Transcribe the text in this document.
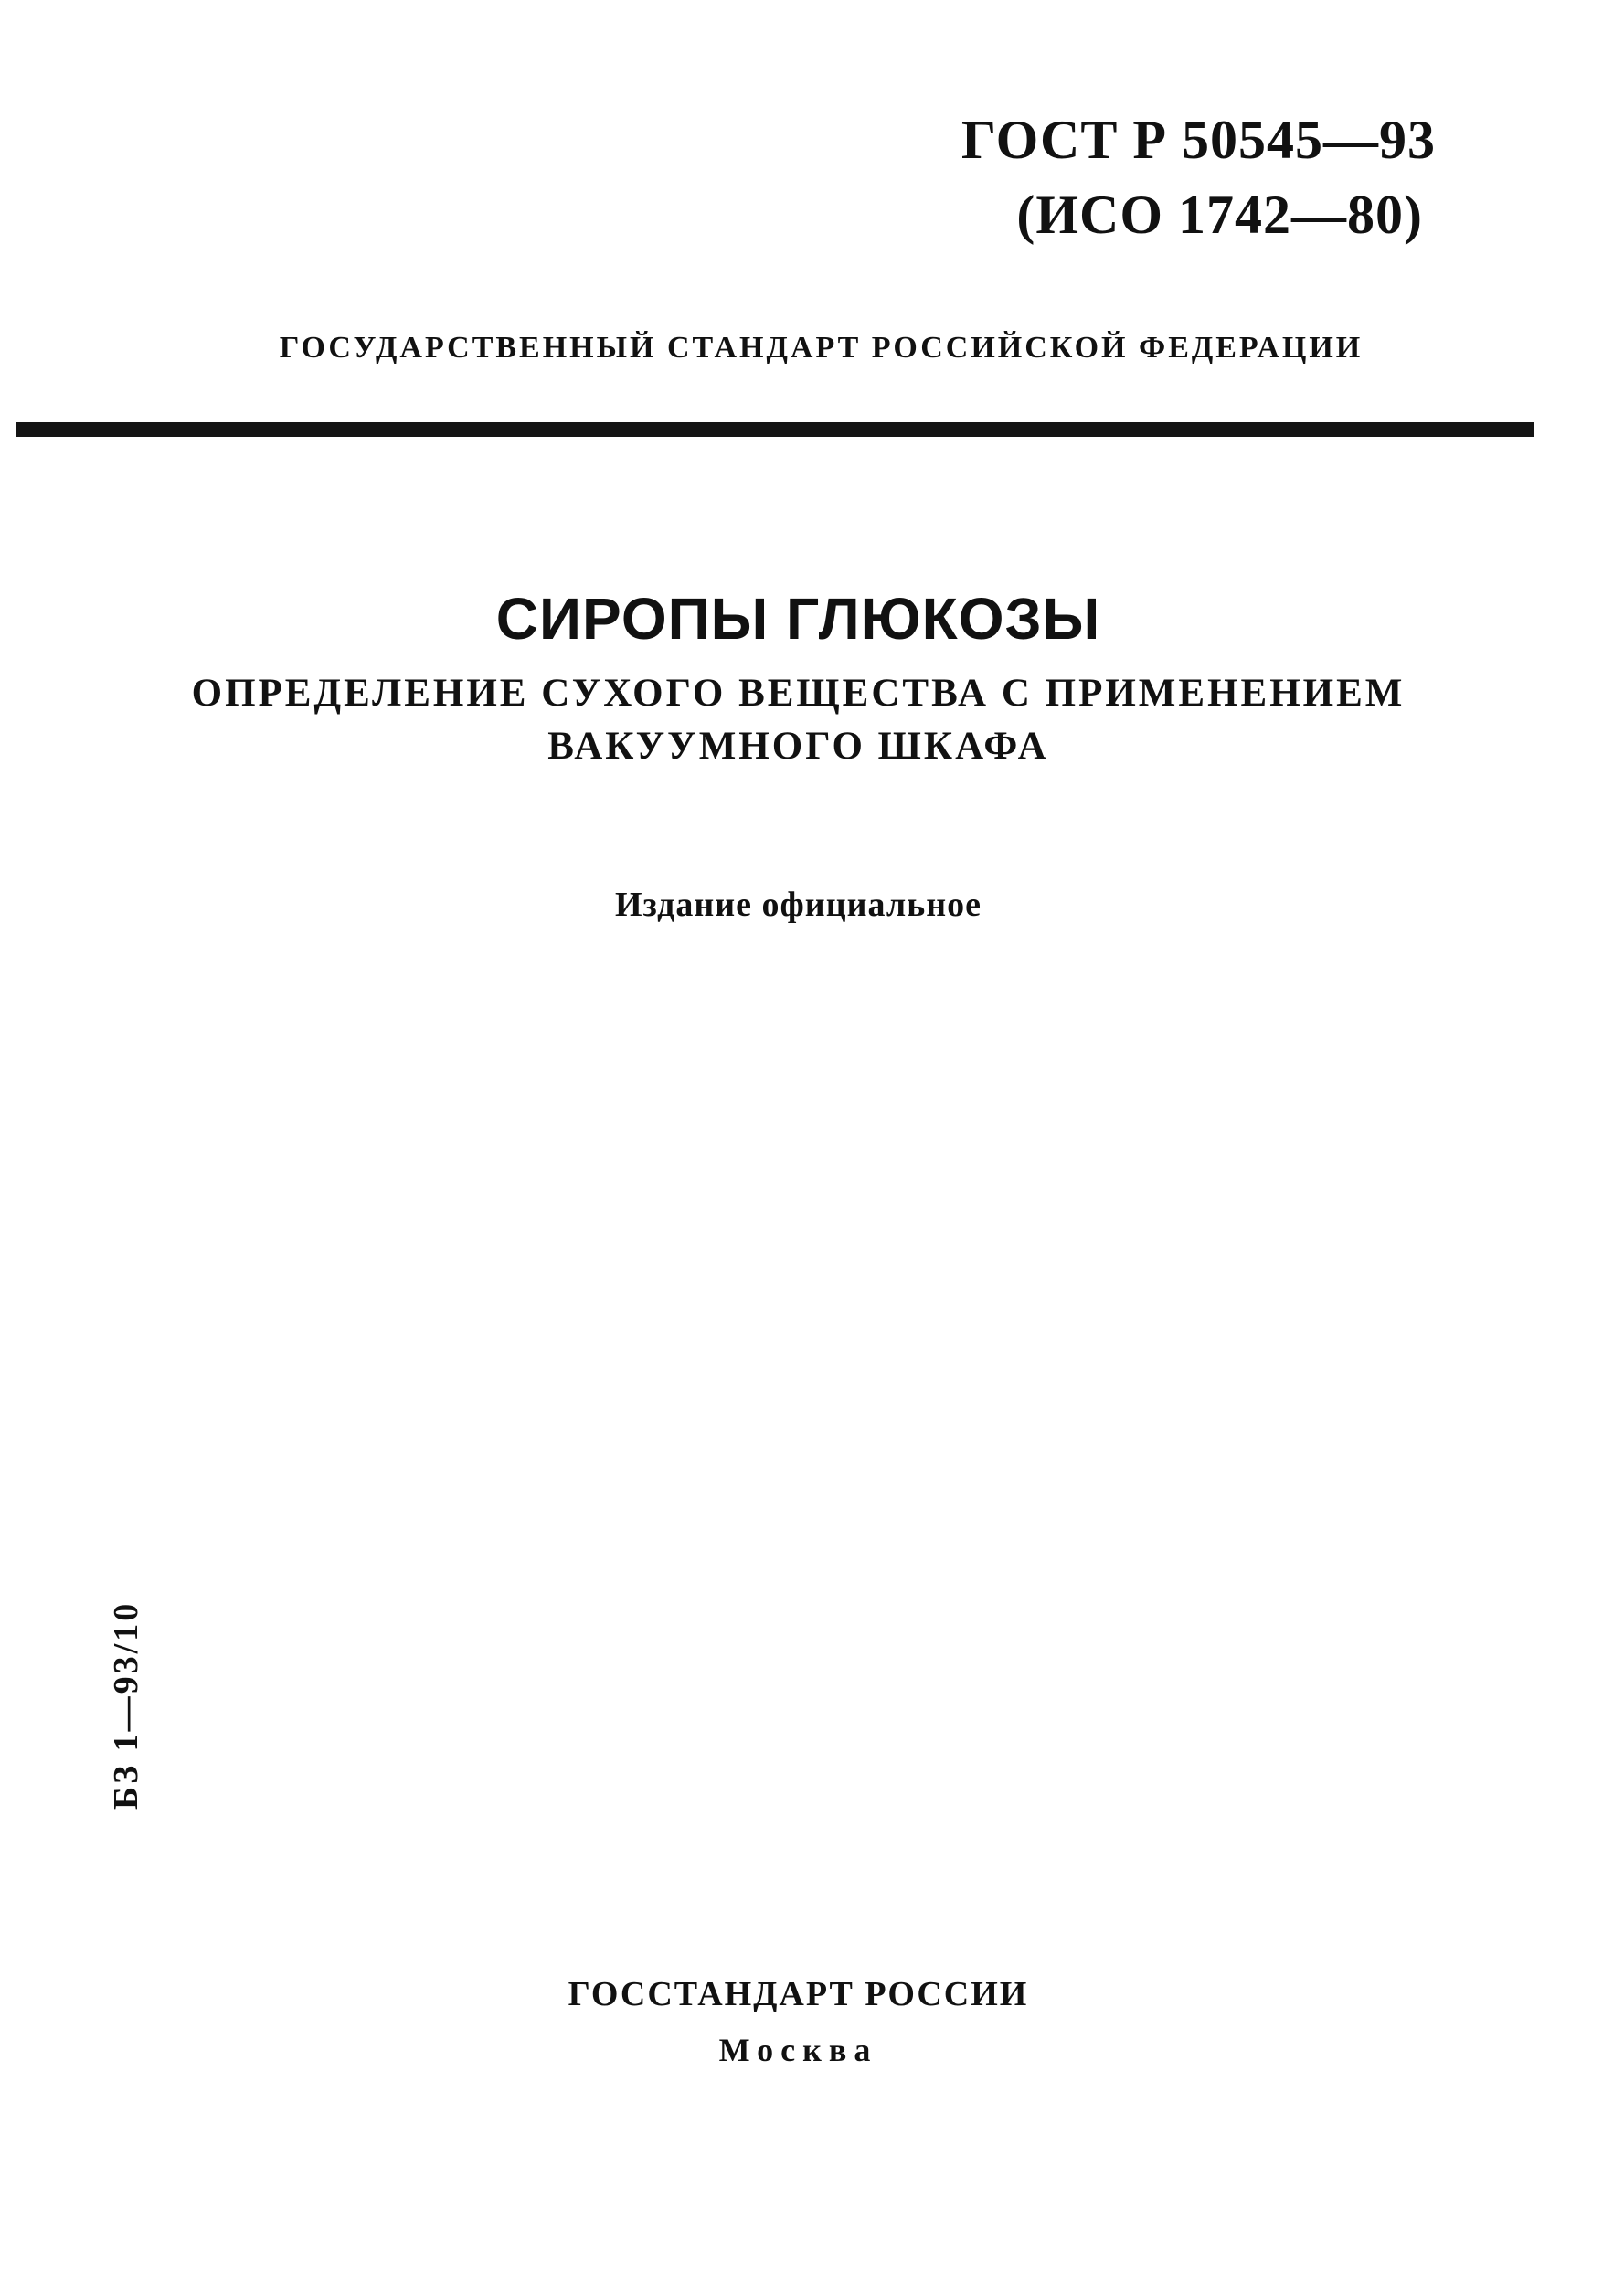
ГОСТ Р 50545—93
(ИСО 1742—80)
ГОСУДАРСТВЕННЫЙ СТАНДАРТ РОССИЙСКОЙ ФЕДЕРАЦИИ
СИРОПЫ ГЛЮКОЗЫ
ОПРЕДЕЛЕНИЕ СУХОГО ВЕЩЕСТВА С ПРИМЕНЕНИЕМ
ВАКУУМНОГО ШКАФА
Издание официальное
БЗ 1—93/10
ГОССТАНДАРТ РОССИИ
Москва
